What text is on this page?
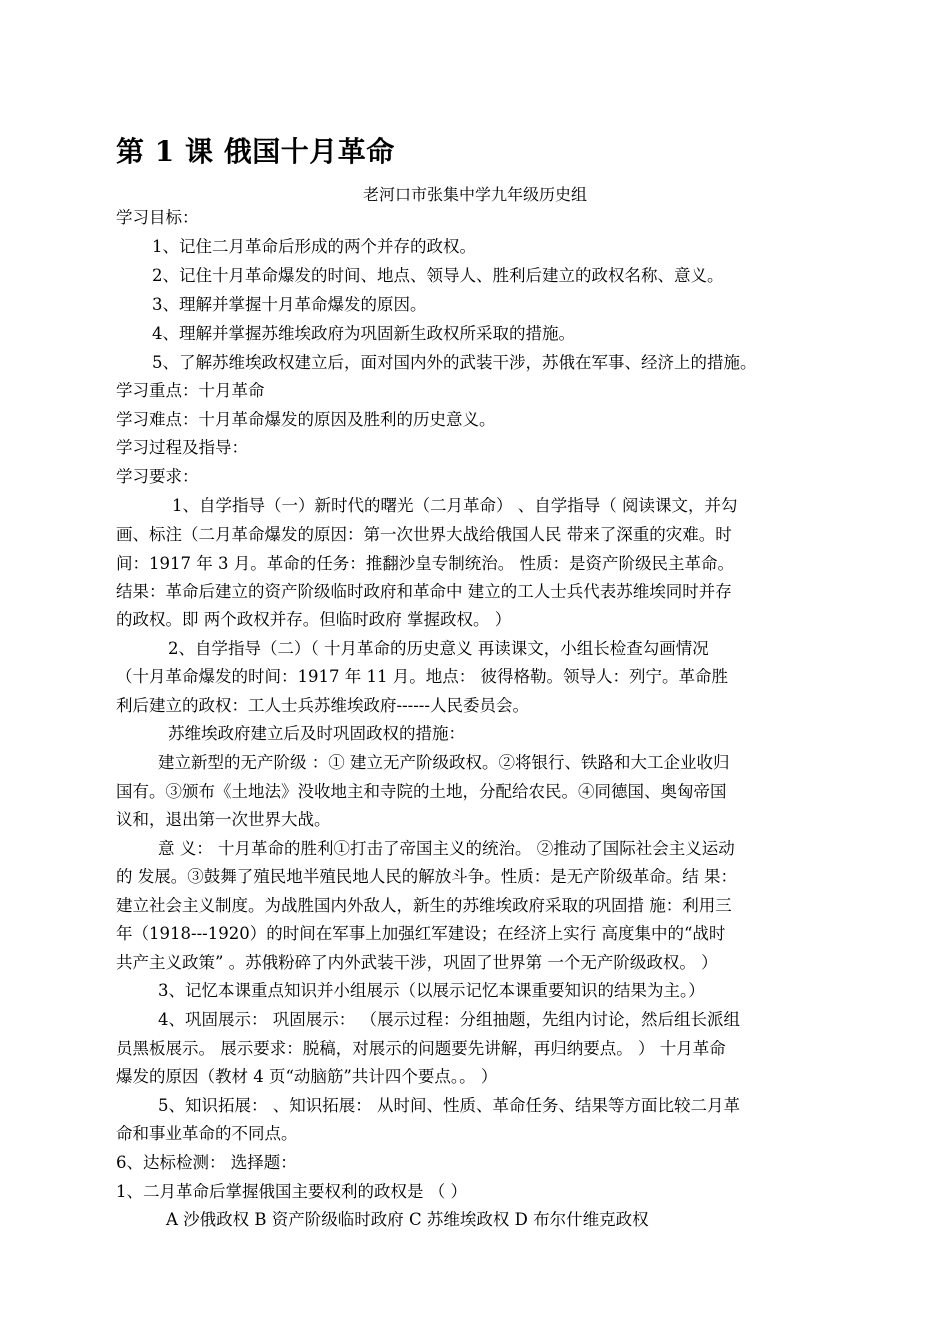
第 1 课 俄国十月革命
老河口市张集中学九年级历史组
学习目标：
1、记住二月革命后形成的两个并存的政权。
2、记住十月革命爆发的时间、地点、领导人、胜利后建立的政权名称、意义。
3、理解并掌握十月革命爆发的原因。
4、理解并掌握苏维埃政府为巩固新生政权所采取的措施。
5、了解苏维埃政权建立后，面对国内外的武装干涉，苏俄在军事、经济上的措施。
学习重点：十月革命
学习难点：十月革命爆发的原因及胜利的历史意义。
学习过程及指导：
学习要求：
1、自学指导（一）新时代的曙光（二月革命） 、自学指导（ 阅读课文，并勾
画、标注（二月革命爆发的原因：第一次世界大战给俄国人民 带来了深重的灾难。时
间：1917 年 3 月。革命的任务：推翻沙皇专制统治。 性质：是资产阶级民主革命。
结果：革命后建立的资产阶级临时政府和革命中 建立的工人士兵代表苏维埃同时并存
的政权。即 两个政权并存。但临时政府 掌握政权。 ）
2、自学指导（二）（ 十月革命的历史意义 再读课文，小组长检查勾画情况
（十月革命爆发的时间：1917 年 11 月。地点： 彼得格勒。领导人：列宁。革命胜
利后建立的政权：工人士兵苏维埃政府------人民委员会。
苏维埃政府建立后及时巩固政权的措施：
建立新型的无产阶级 ：① 建立无产阶级政权。②将银行、铁路和大工企业收归
国有。③颁布《土地法》没收地主和寺院的土地，分配给农民。④同德国、奥匈帝国
议和，退出第一次世界大战。
意 义： 十月革命的胜利①打击了帝国主义的统治。 ②推动了国际社会主义运动
的 发展。③鼓舞了殖民地半殖民地人民的解放斗争。性质：是无产阶级革命。结 果：
建立社会主义制度。为战胜国内外敌人，新生的苏维埃政府采取的巩固措 施：利用三
年（1918---1920）的时间在军事上加强红军建设；在经济上实行 高度集中的“战时
共产主义政策” 。苏俄粉碎了内外武装干涉，巩固了世界第 一个无产阶级政权。 ）
3、记忆本课重点知识并小组展示（以展示记忆本课重要知识的结果为主。）
4、巩固展示： 巩固展示： （展示过程：分组抽题，先组内讨论，然后组长派组
员黑板展示。 展示要求：脱稿，对展示的问题要先讲解，再归纳要点。 ） 十月革命
爆发的原因（教材 4 页“动脑筋”共计四个要点。。 ）
5、知识拓展： 、知识拓展： 从时间、性质、革命任务、结果等方面比较二月革
命和事业革命的不同点。
6、达标检测： 选择题：
1、二月革命后掌握俄国主要权利的政权是 （ ）
A 沙俄政权 B 资产阶级临时政府 C 苏维埃政权 D 布尔什维克政权
